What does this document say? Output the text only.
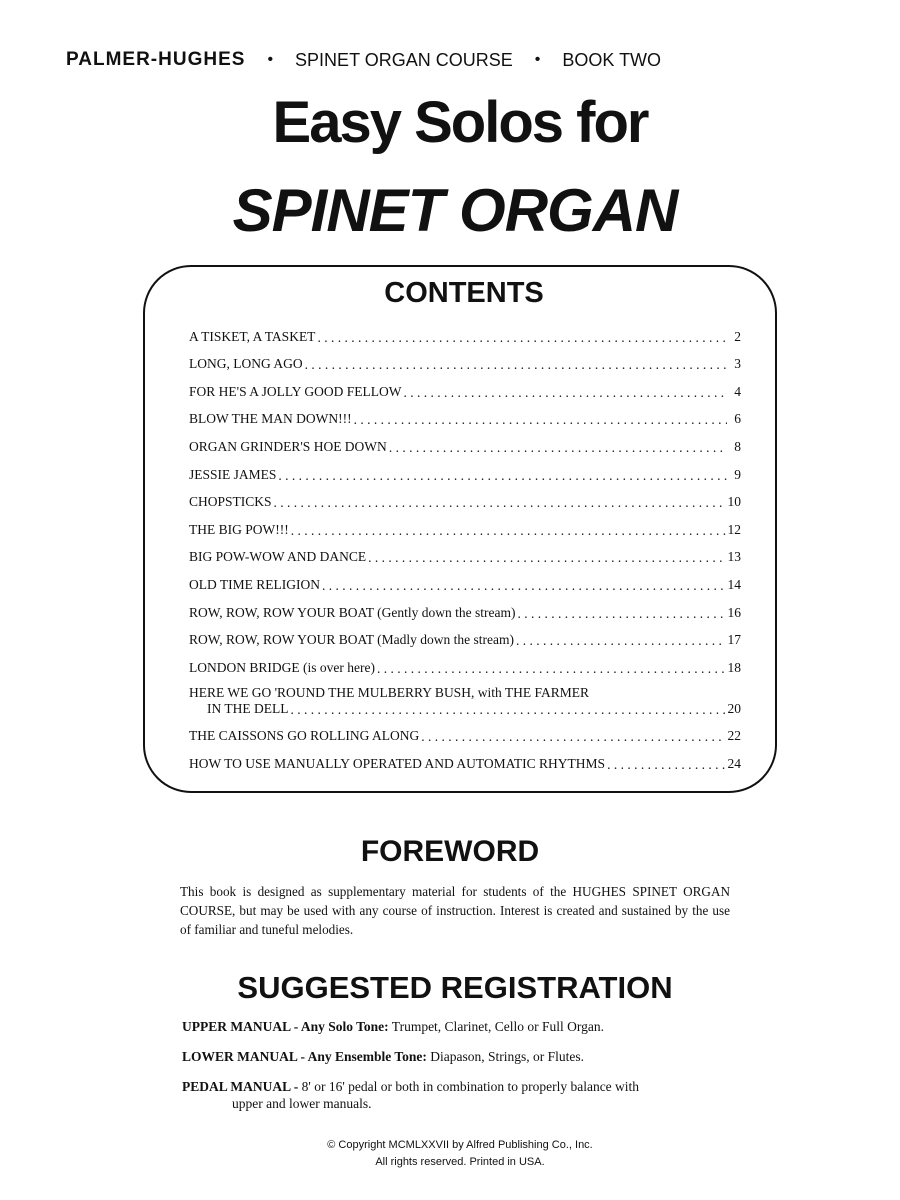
PALMER-HUGHES • SPINET ORGAN COURSE • BOOK TWO
Easy Solos for
SPINET ORGAN
CONTENTS
A TISKET, A TASKET . . .	2
LONG, LONG AGO . . .	3
FOR HE'S A JOLLY GOOD FELLOW . . .	4
BLOW THE MAN DOWN!!! . . .	6
ORGAN GRINDER'S HOE DOWN . . .	8
JESSIE JAMES . . .	9
CHOPSTICKS . . .	10
THE BIG POW!!! . . .	12
BIG POW-WOW AND DANCE . . .	13
OLD TIME RELIGION . . .	14
ROW, ROW, ROW YOUR BOAT (Gently down the stream) . . .	16
ROW, ROW, ROW YOUR BOAT (Madly down the stream) . . .	17
LONDON BRIDGE (is over here) . . .	18
HERE WE GO 'ROUND THE MULBERRY BUSH, with THE FARMER
IN THE DELL . . .	20
THE CAISSONS GO ROLLING ALONG . . .	22
HOW TO USE MANUALLY OPERATED AND AUTOMATIC RHYTHMS . . .	24
FOREWORD
This book is designed as supplementary material for students of the HUGHES SPINET ORGAN COURSE, but may be used with any course of instruction. Interest is created and sustained by the use of familiar and tuneful melodies.
SUGGESTED REGISTRATION
UPPER MANUAL - Any Solo Tone: Trumpet, Clarinet, Cello or Full Organ.
LOWER MANUAL - Any Ensemble Tone: Diapason, Strings, or Flutes.
PEDAL MANUAL - 8' or 16' pedal or both in combination to properly balance with
upper and lower manuals.
© Copyright MCMLXXVII by Alfred Publishing Co., Inc.
All rights reserved. Printed in USA.
